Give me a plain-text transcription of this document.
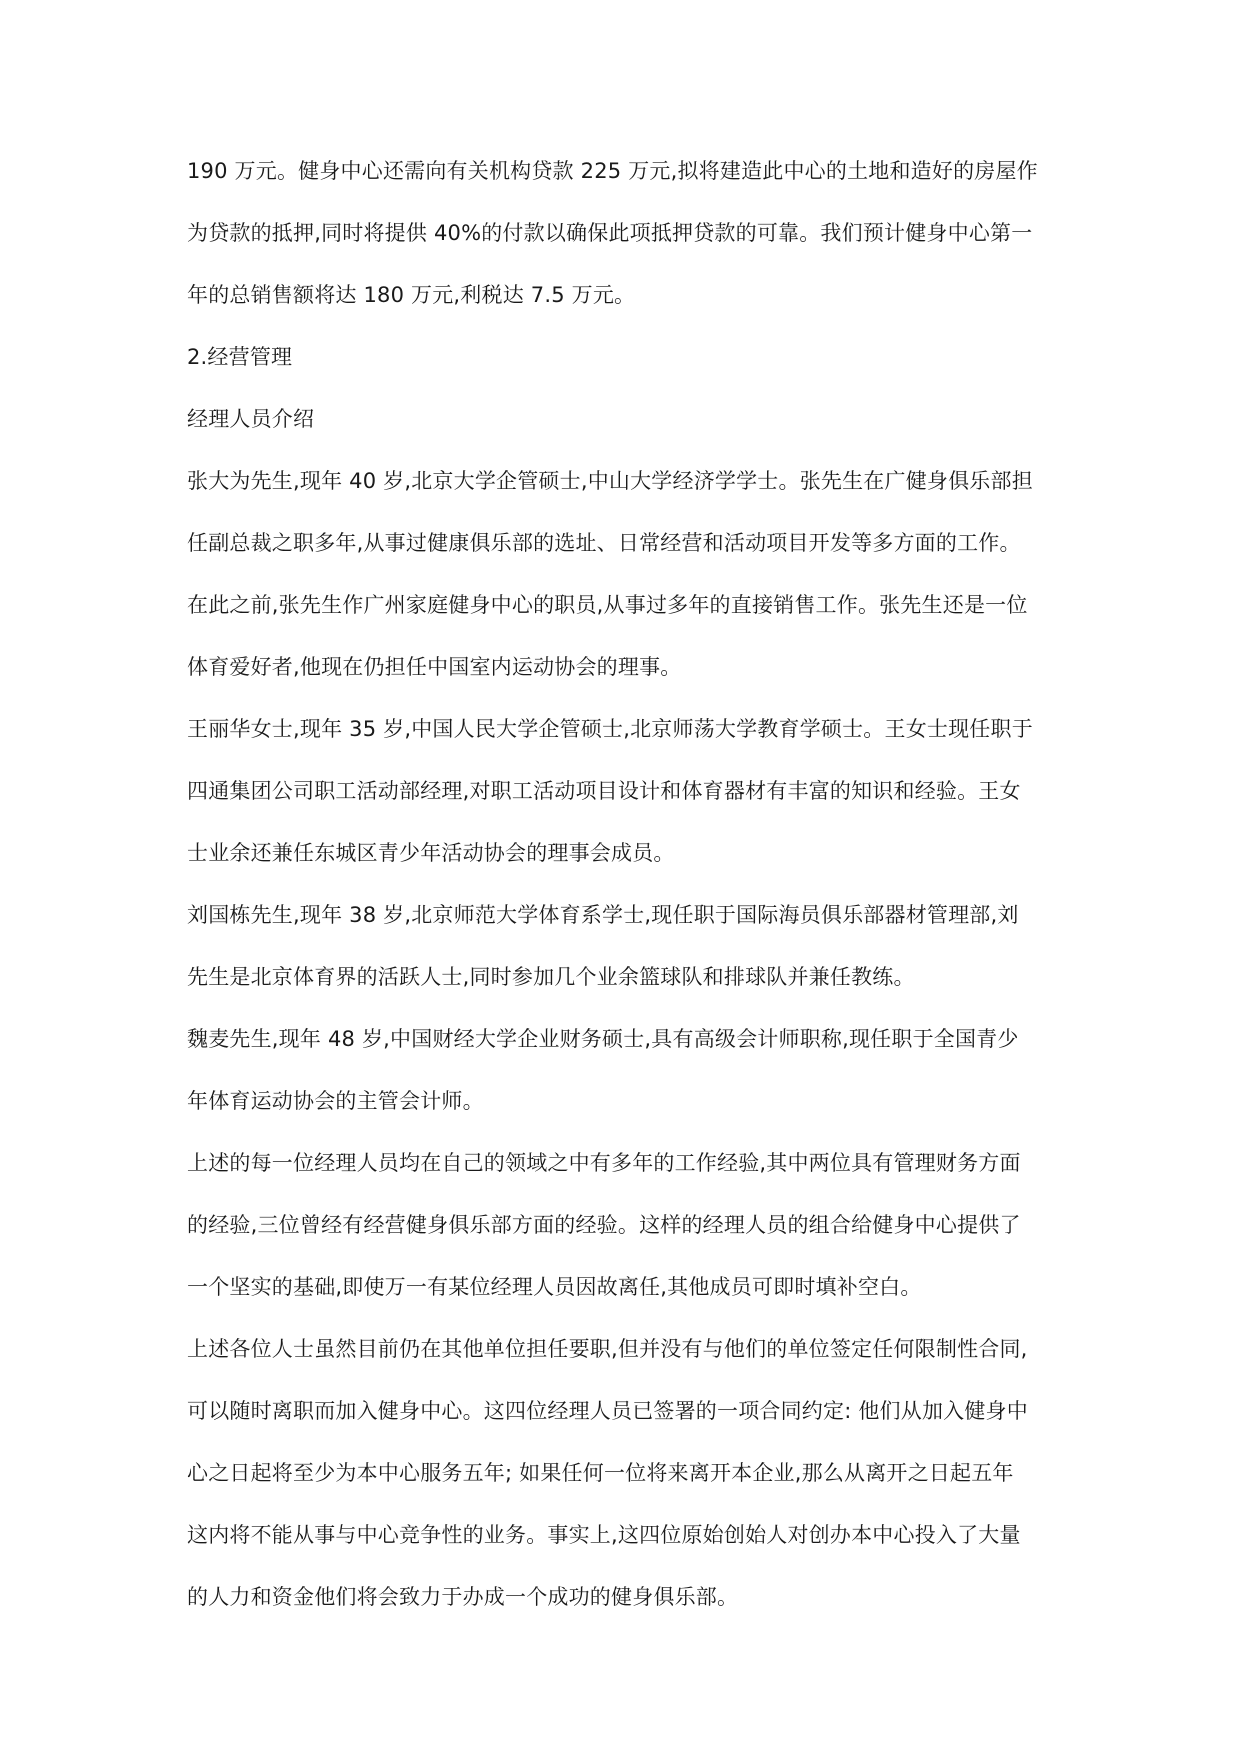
190 万元。健身中心还需向有关机构贷款 225 万元,拟将建造此中心的土地和造好的房屋作
为贷款的抵押,同时将提供 40%的付款以确保此项抵押贷款的可靠。我们预计健身中心第一
年的总销售额将达 180 万元,利税达 7.5 万元。
2.经营管理
经理人员介绍
张大为先生,现年 40 岁,北京大学企管硕士,中山大学经济学学士。张先生在广健身俱乐部担
任副总裁之职多年,从事过健康俱乐部的选址、日常经营和活动项目开发等多方面的工作。
在此之前,张先生作广州家庭健身中心的职员,从事过多年的直接销售工作。张先生还是一位
体育爱好者,他现在仍担任中国室内运动协会的理事。
王丽华女士,现年 35 岁,中国人民大学企管硕士,北京师荡大学教育学硕士。王女士现任职于
四通集团公司职工活动部经理,对职工活动项目设计和体育器材有丰富的知识和经验。王女
士业余还兼任东城区青少年活动协会的理事会成员。
刘国栋先生,现年 38 岁,北京师范大学体育系学士,现任职于国际海员俱乐部器材管理部,刘
先生是北京体育界的活跃人士,同时参加几个业余篮球队和排球队并兼任教练。
魏麦先生,现年 48 岁,中国财经大学企业财务硕士,具有高级会计师职称,现任职于全国青少
年体育运动协会的主管会计师。
上述的每一位经理人员均在自己的领域之中有多年的工作经验,其中两位具有管理财务方面
的经验,三位曾经有经营健身俱乐部方面的经验。这样的经理人员的组合给健身中心提供了
一个坚实的基础,即使万一有某位经理人员因故离任,其他成员可即时填补空白。
上述各位人士虽然目前仍在其他单位担任要职,但并没有与他们的单位签定任何限制性合同,
可以随时离职而加入健身中心。这四位经理人员已签署的一项合同约定: 他们从加入健身中
心之日起将至少为本中心服务五年; 如果任何一位将来离开本企业,那么从离开之日起五年
这内将不能从事与中心竞争性的业务。事实上,这四位原始创始人对创办本中心投入了大量
的人力和资金他们将会致力于办成一个成功的健身俱乐部。
